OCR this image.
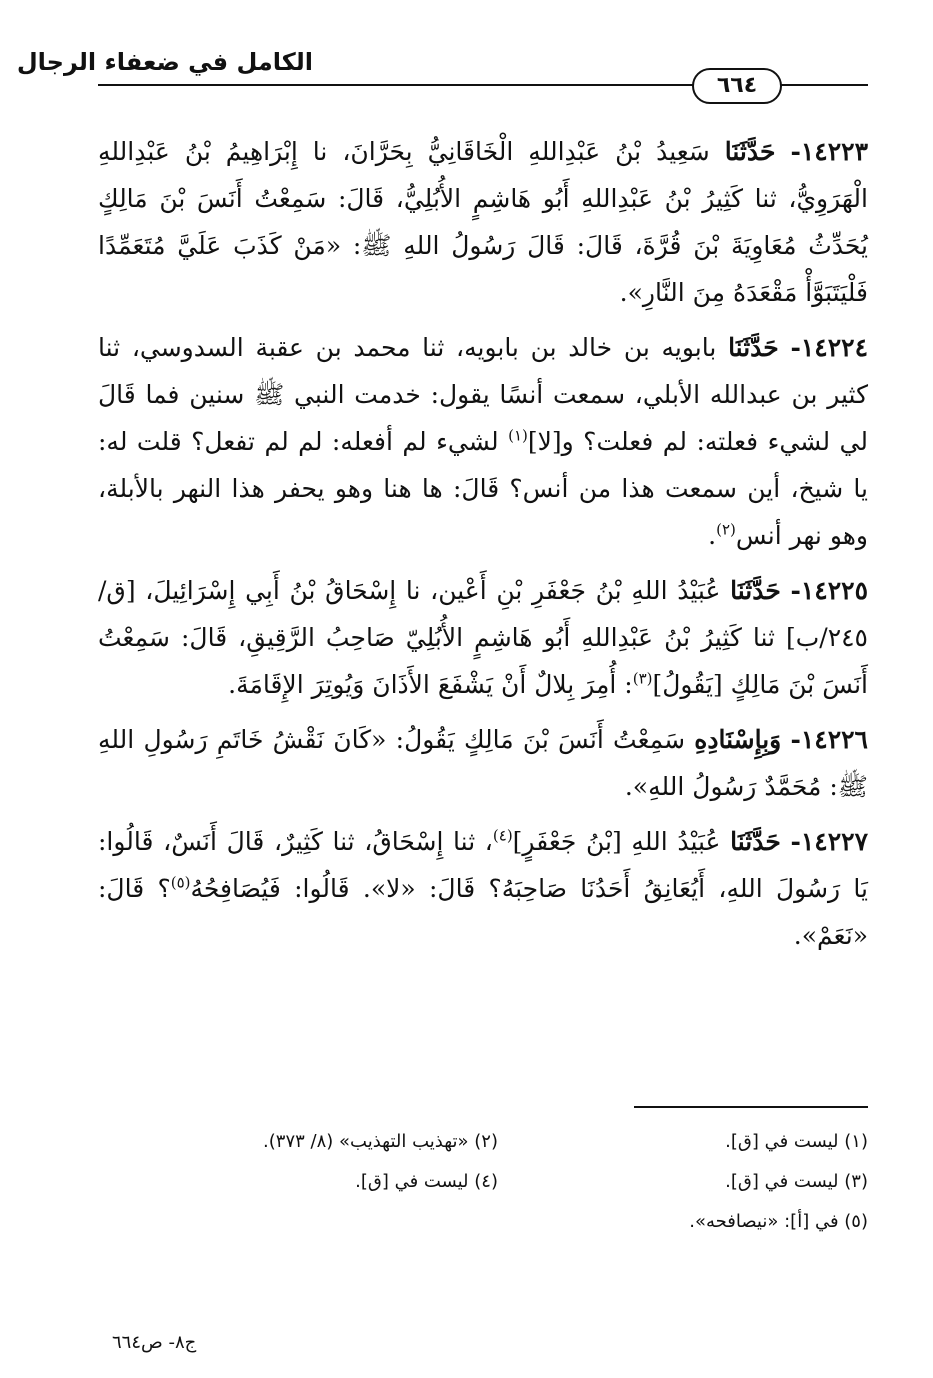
الكامل في ضعفاء الرجال
٦٦٤

١٤٢٢٣- حَدَّثَنَا سَعِيدُ بْنُ عَبْدِاللهِ الْخَاقَانِيُّ بِحَرَّانَ، نا إِبْرَاهِيمُ بْنُ عَبْدِاللهِ الْهَرَوِيُّ، ثنا كَثِيرُ بْنُ عَبْدِاللهِ أَبُو هَاشِمٍ الأُبُلِيُّ، قَالَ: سَمِعْتُ أَنَسَ بْنَ مَالِكٍ يُحَدِّثُ مُعَاوِيَةَ بْنَ قُرَّةَ، قَالَ: قَالَ رَسُولُ اللهِ ﷺ: «مَنْ كَذَبَ عَلَيَّ مُتَعَمِّدًا فَلْيَتَبَوَّأْ مَقْعَدَهُ مِنَ النَّارِ».

١٤٢٢٤- حَدَّثَنَا بابويه بن خالد بن بابويه، ثنا محمد بن عقبة السدوسي، ثنا كثير بن عبدالله الأبلي، سمعت أنسًا يقول: خدمت النبي ﷺ سنين فما قَالَ لي لشيء فعلته: لم فعلت؟ و[لا]$^{(١)}$ لشيء لم أفعله: لم لم تفعل؟ قلت له: يا شيخ، أين سمعت هذا من أنس؟ قَالَ: ها هنا وهو يحفر هذا النهر بالأبلة، وهو نهر أنس$^{(٢)}$.

١٤٢٢٥- حَدَّثَنَا عُبَيْدُ اللهِ بْنُ جَعْفَرِ بْنِ أَعْين، نا إِسْحَاقُ بْنُ أَبِي إِسْرَائِيلَ، [ق/٢٤٥/ب] ثنا كَثِيرُ بْنُ عَبْدِاللهِ أَبُو هَاشِمٍ الأُبُلِيّ صَاحِبُ الرَّقِيقِ، قَالَ: سَمِعْتُ أَنَسَ بْنَ مَالِكٍ [يَقُولُ]$^{(٣)}$: أُمِرَ بِلالٌ أَنْ يَشْفَعَ الأَذَانَ وَيُوتِرَ الإِقَامَةَ.

١٤٢٢٦- وَبِإِسْنَادِهِ سَمِعْتُ أَنَسَ بْنَ مَالِكٍ يَقُولُ: «كَانَ نَقْشُ خَاتَمِ رَسُولِ اللهِ ﷺ: مُحَمَّدٌ رَسُولُ اللهِ».

١٤٢٢٧- حَدَّثَنَا عُبَيْدُ اللهِ [بْنُ جَعْفَرٍ]$^{(٤)}$، ثنا إِسْحَاقُ، ثنا كَثِيرٌ، قَالَ أَنَسٌ، قَالُوا: يَا رَسُولَ اللهِ، أَيُعَانِقُ أَحَدُنَا صَاحِبَهُ؟ قَالَ: «لا». قَالُوا: فَيُصَافِحُهُ$^{(٥)}$؟ قَالَ: «نَعَمْ».

(١) ليست في [ق].
(٢) «تهذيب التهذيب» (٨/ ٣٧٣).
(٣) ليست في [ق].
(٤) ليست في [ق].
(٥) في [أ]: «نيصافحه».
ج٨- ص٦٦٤
